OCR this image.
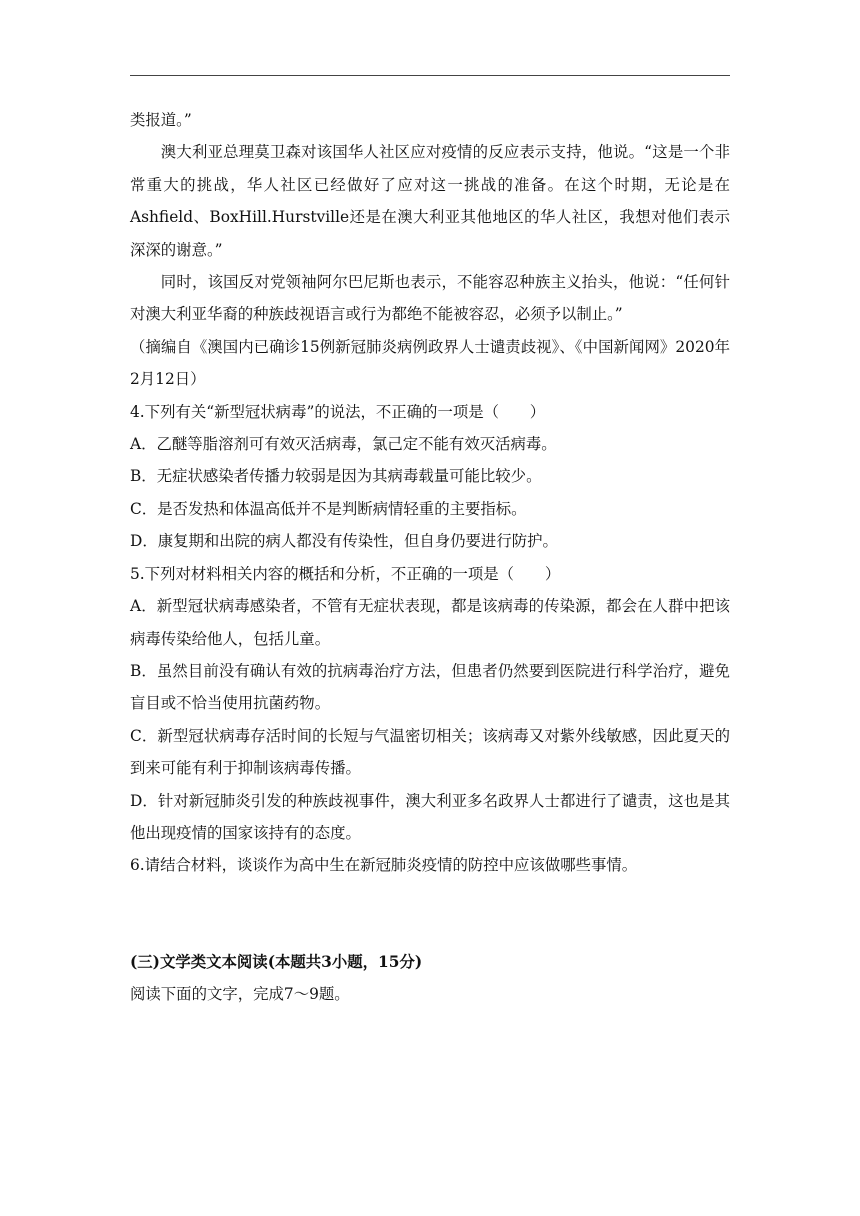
类报道。”

澳大利亚总理莫卫森对该国华人社区应对疫情的反应表示支持，他说。“这是一个非常重大的挑战，华人社区已经做好了应对这一挑战的准备。在这个时期，无论是在Ashfield、BoxHill.Hurstville还是在澳大利亚其他地区的华人社区，我想对他们表示深深的谢意。”

同时，该国反对党领袖阿尔巴尼斯也表示，不能容忍种族主义抬头，他说：“任何针对澳大利亚华裔的种族歧视语言或行为都绝不能被容忍，必须予以制止。”

（摘编自《澳国内已确诊15例新冠肺炎病例政界人士谴责歧视》、《中国新闻网》2020年2月12日）

4.下列有关“新型冠状病毒”的说法，不正确的一项是（　　）

A．乙醚等脂溶剂可有效灭活病毒，氯己定不能有效灭活病毒。

B．无症状感染者传播力较弱是因为其病毒载量可能比较少。

C．是否发热和体温高低并不是判断病情轻重的主要指标。

D．康复期和出院的病人都没有传染性，但自身仍要进行防护。

5.下列对材料相关内容的概括和分析，不正确的一项是（　　）

A．新型冠状病毒感染者，不管有无症状表现，都是该病毒的传染源，都会在人群中把该病毒传染给他人，包括儿童。

B．虽然目前没有确认有效的抗病毒治疗方法，但患者仍然要到医院进行科学治疗，避免盲目或不恰当使用抗菌药物。

C．新型冠状病毒存活时间的长短与气温密切相关；该病毒又对紫外线敏感，因此夏天的到来可能有利于抑制该病毒传播。

D．针对新冠肺炎引发的种族歧视事件，澳大利亚多名政界人士都进行了谴责，这也是其他出现疫情的国家该持有的态度。

6.请结合材料，谈谈作为高中生在新冠肺炎疫情的防控中应该做哪些事情。

(三)文学类文本阅读(本题共3小题，15分)

阅读下面的文字，完成7～9题。
